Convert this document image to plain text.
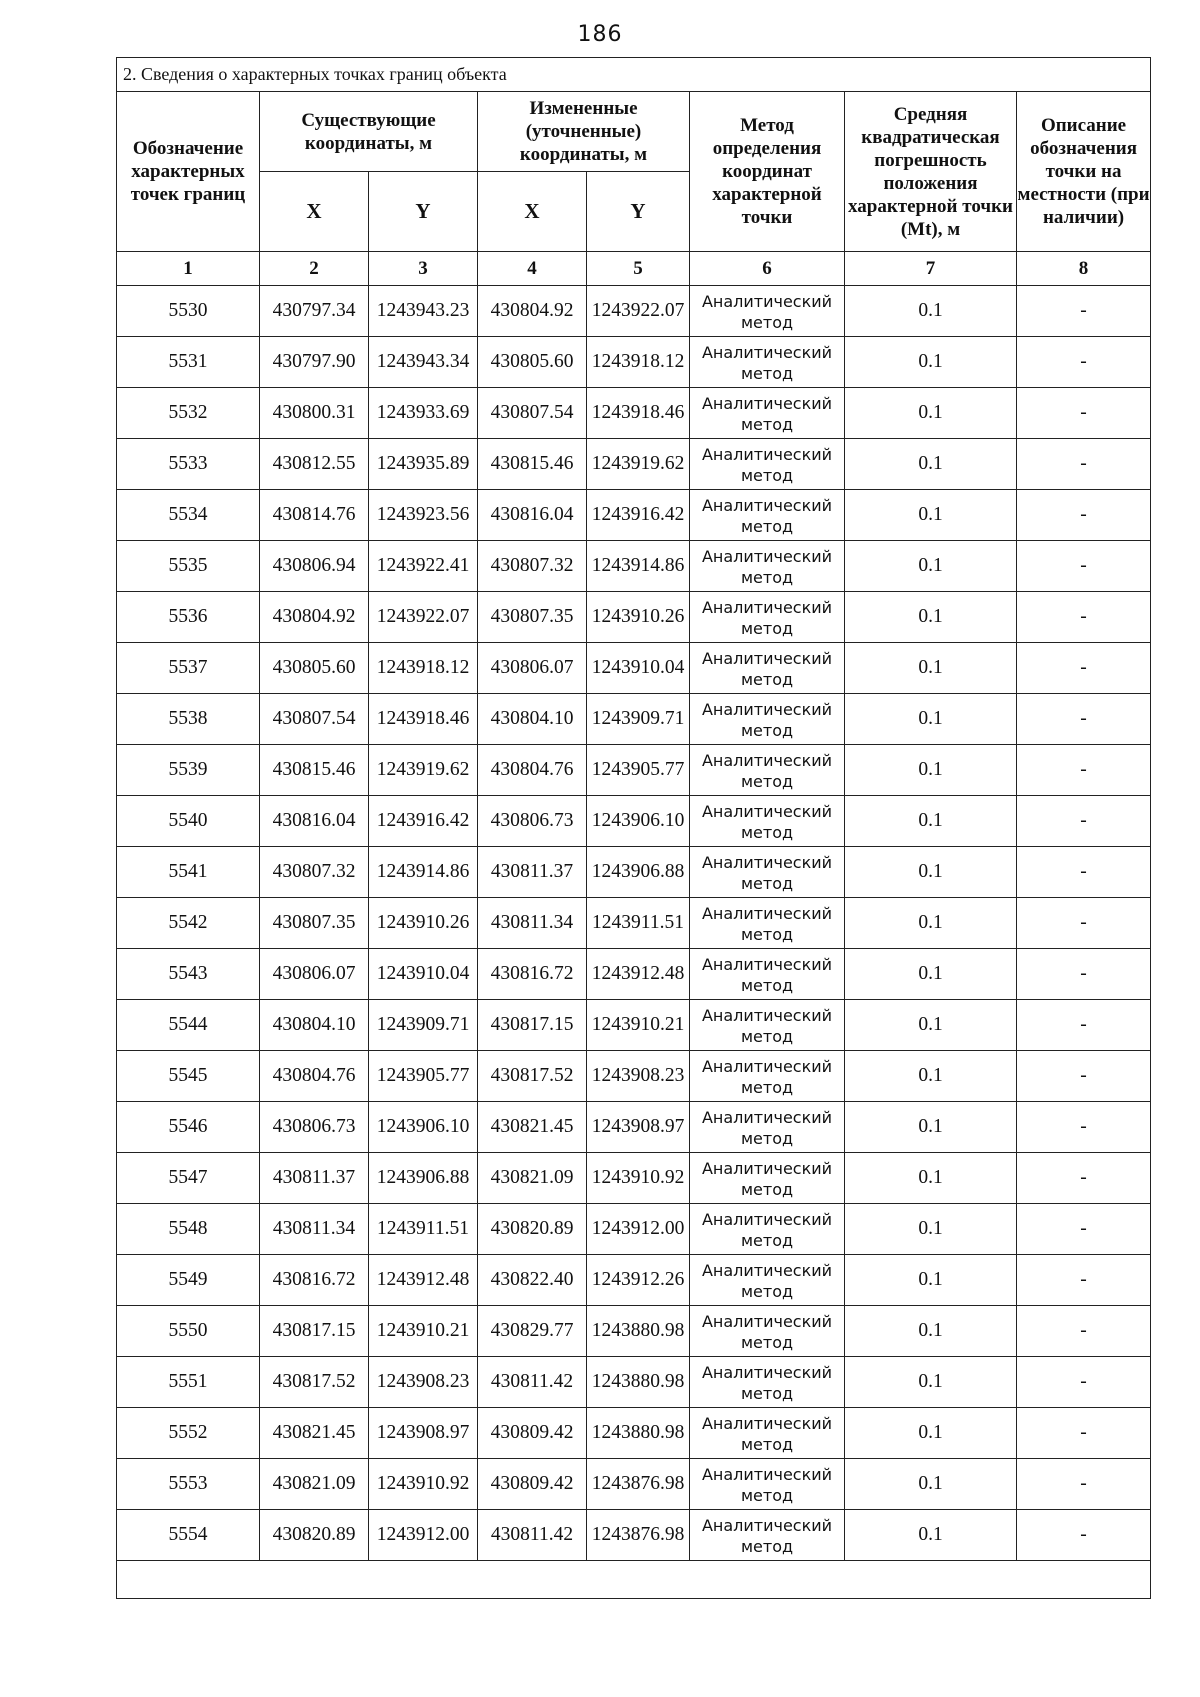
186
2. Сведения о характерных точках границ объекта							
Обозначение характерных точек границ	Существующие координаты, м		Измененные (уточненные) координаты, м		Метод определения координат характерной точки	Средняя квадратическая погрешность положения характерной точки (Mt), м	Описание обозначения точки на местности (при наличии)
	X	Y	X	Y			
1	2	3	4	5	6	7	8
5530	430797.34	1243943.23	430804.92	1243922.07	Аналитический
метод	0.1	-
5531	430797.90	1243943.34	430805.60	1243918.12	Аналитический
метод	0.1	-
5532	430800.31	1243933.69	430807.54	1243918.46	Аналитический
метод	0.1	-
5533	430812.55	1243935.89	430815.46	1243919.62	Аналитический
метод	0.1	-
5534	430814.76	1243923.56	430816.04	1243916.42	Аналитический
метод	0.1	-
5535	430806.94	1243922.41	430807.32	1243914.86	Аналитический
метод	0.1	-
5536	430804.92	1243922.07	430807.35	1243910.26	Аналитический
метод	0.1	-
5537	430805.60	1243918.12	430806.07	1243910.04	Аналитический
метод	0.1	-
5538	430807.54	1243918.46	430804.10	1243909.71	Аналитический
метод	0.1	-
5539	430815.46	1243919.62	430804.76	1243905.77	Аналитический
метод	0.1	-
5540	430816.04	1243916.42	430806.73	1243906.10	Аналитический
метод	0.1	-
5541	430807.32	1243914.86	430811.37	1243906.88	Аналитический
метод	0.1	-
5542	430807.35	1243910.26	430811.34	1243911.51	Аналитический
метод	0.1	-
5543	430806.07	1243910.04	430816.72	1243912.48	Аналитический
метод	0.1	-
5544	430804.10	1243909.71	430817.15	1243910.21	Аналитический
метод	0.1	-
5545	430804.76	1243905.77	430817.52	1243908.23	Аналитический
метод	0.1	-
5546	430806.73	1243906.10	430821.45	1243908.97	Аналитический
метод	0.1	-
5547	430811.37	1243906.88	430821.09	1243910.92	Аналитический
метод	0.1	-
5548	430811.34	1243911.51	430820.89	1243912.00	Аналитический
метод	0.1	-
5549	430816.72	1243912.48	430822.40	1243912.26	Аналитический
метод	0.1	-
5550	430817.15	1243910.21	430829.77	1243880.98	Аналитический
метод	0.1	-
5551	430817.52	1243908.23	430811.42	1243880.98	Аналитический
метод	0.1	-
5552	430821.45	1243908.97	430809.42	1243880.98	Аналитический
метод	0.1	-
5553	430821.09	1243910.92	430809.42	1243876.98	Аналитический
метод	0.1	-
5554	430820.89	1243912.00	430811.42	1243876.98	Аналитический
метод	0.1	-
